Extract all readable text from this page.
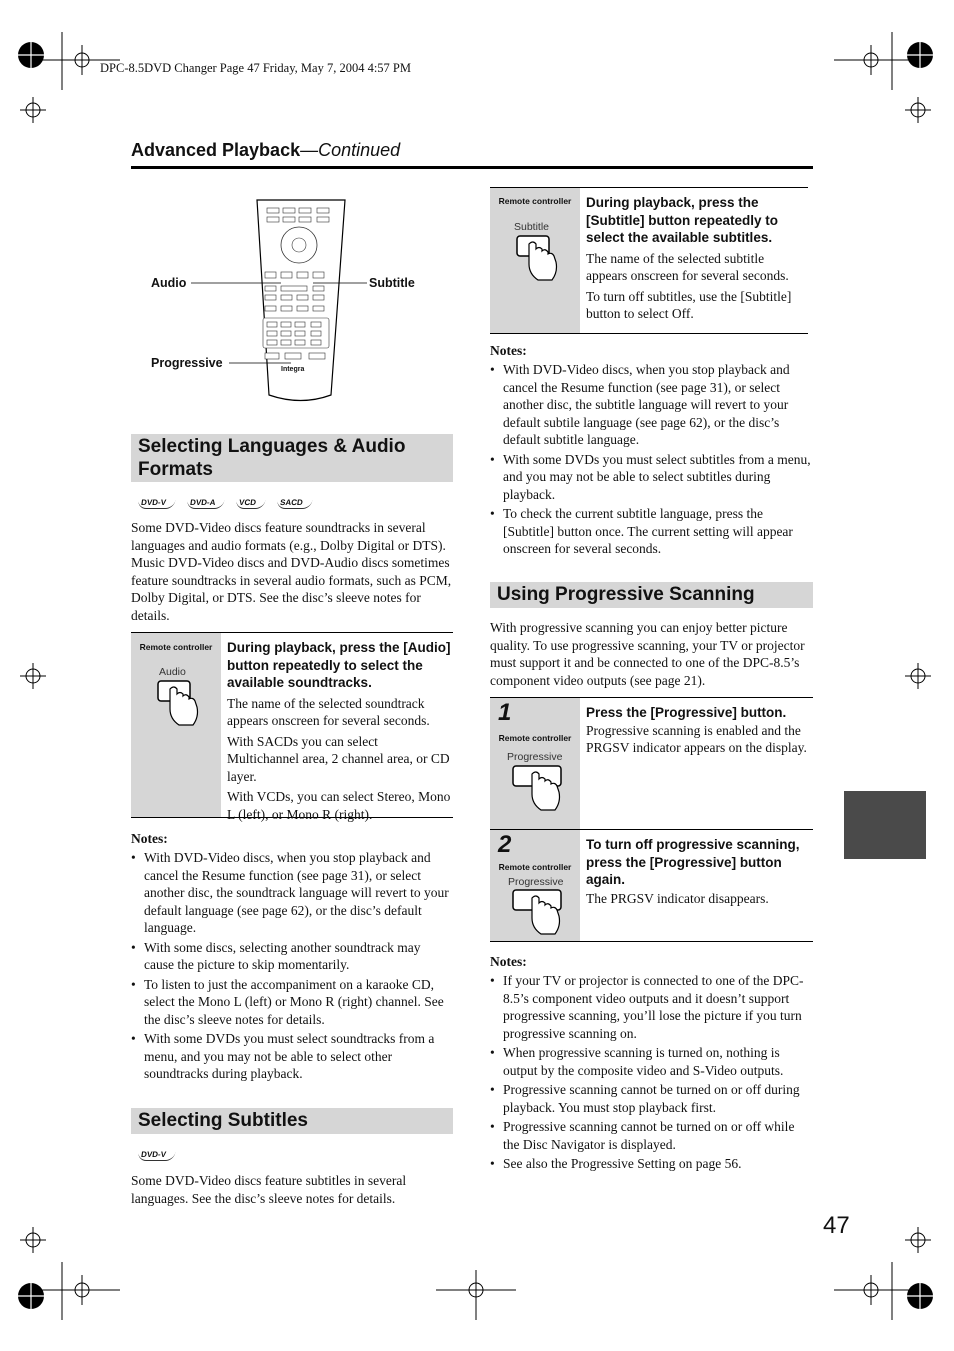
DPC-8.5DVD Changer Page 47 Friday, May 7, 2004 4:57 PM
Advanced Playback—Continued
Audio	Subtitle
Progressive	Integra
Selecting Languages & Audio Formats
DVD-V	DVD-A	VCD	SACD
Some DVD-Video discs feature soundtracks in several languages and audio formats (e.g., Dolby Digital or DTS). Music DVD-Video discs and DVD-Audio discs sometimes feature soundtracks in several audio formats, such as PCM, Dolby Digital, or DTS. See the disc’s sleeve notes for details.
Remote controller
Audio
During playback, press the [Audio] button repeatedly to select the available soundtracks.
The name of the selected soundtrack appears onscreen for several seconds.
With SACDs you can select Multichannel area, 2 channel area, or CD layer.
With VCDs, you can select Stereo, Mono L (left), or Mono R (right).
Notes:
• With DVD-Video discs, when you stop playback and cancel the Resume function (see page 31), or select another disc, the soundtrack language will revert to your default language (see page 62), or the disc’s default language.
• With some discs, selecting another soundtrack may cause the picture to skip momentarily.
• To listen to just the accompaniment on a karaoke CD, select the Mono L (left) or Mono R (right) channel. See the disc’s sleeve notes for details.
• With some DVDs you must select soundtracks from a menu, and you may not be able to select other soundtracks during playback.
Selecting Subtitles
DVD-V
Some DVD-Video discs feature subtitles in several languages. See the disc’s sleeve notes for details.
Remote controller
Subtitle
During playback, press the [Subtitle] button repeatedly to select the available subtitles.
The name of the selected subtitle appears onscreen for several seconds.
To turn off subtitles, use the [Subtitle] button to select Off.
Notes:
• With DVD-Video discs, when you stop playback and cancel the Resume function (see page 31), or select another disc, the subtitle language will revert to your default subtile language (see page 62), or the disc’s default subtitle language.
• With some DVDs you must select subtitles from a menu, and you may not be able to select subtitles during playback.
• To check the current subtitle language, press the [Subtitle] button once. The current setting will appear onscreen for several seconds.
Using Progressive Scanning
With progressive scanning you can enjoy better picture quality. To use progressive scanning, your TV or projector must support it and be connected to one of the DPC-8.5’s component video outputs (see page 21).
1
Remote controller
Progressive
Press the [Progressive] button.
Progressive scanning is enabled and the PRGSV indicator appears on the display.
2
Remote controller
Progressive
To turn off progressive scanning, press the [Progressive] button again.
The PRGSV indicator disappears.
Notes:
• If your TV or projector is connected to one of the DPC-8.5’s component video outputs and it doesn’t support progressive scanning, you’ll lose the picture if you turn progressive scanning on.
• When progressive scanning is turned on, nothing is output by the composite video and S-Video outputs.
• Progressive scanning cannot be turned on or off during playback. You must stop playback first.
• Progressive scanning cannot be turned on or off while the Disc Navigator is displayed.
• See also the Progressive Setting on page 56.
47
